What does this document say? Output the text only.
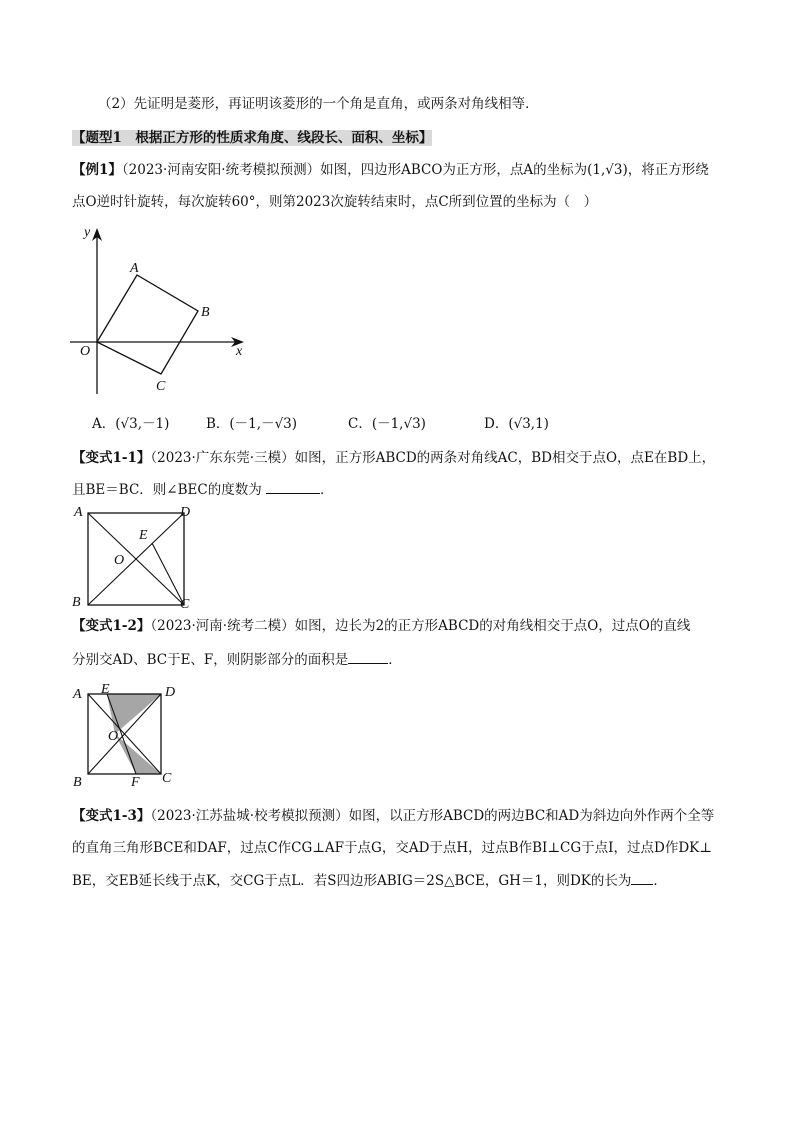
（2）先证明是菱形，再证明该菱形的一个角是直角，或两条对角线相等．
【题型1　根据正方形的性质求角度、线段长、面积、坐标】
【例1】（2023·河南安阳·统考模拟预测）如图，四边形ABCO为正方形，点A的坐标为(1,√3)，将正方形绕
点O逆时针旋转，每次旋转60°，则第2023次旋转结束时，点C所到位置的坐标为（　）
y
x
O
A
B
C
A．(√3,－1)	B．(－1,－√3)	C．(－1,√3)	D．(√3,1)
【变式1-1】（2023·广东东莞·三模）如图，正方形ABCD的两条对角线AC，BD相交于点O，点E在BD上，
且BE＝BC．则∠BEC的度数为	．
A	D
E
O
B	C
【变式1-2】（2023·河南·统考二模）如图，边长为2的正方形ABCD的对角线相交于点O，过点O的直线
分别交AD、BC于E、F，则阴影部分的面积是	．
A E	D
O
B	F C
【变式1-3】（2023·江苏盐城·校考模拟预测）如图，以正方形ABCD的两边BC和AD为斜边向外作两个全等
的直角三角形BCE和DAF，过点C作CG⊥AF于点G，交AD于点H，过点B作BI⊥CG于点I，过点D作DK⊥
BE，交EB延长线于点K，交CG于点L．若S四边形ABIG＝2S△BCE，GH＝1，则DK的长为 ．
